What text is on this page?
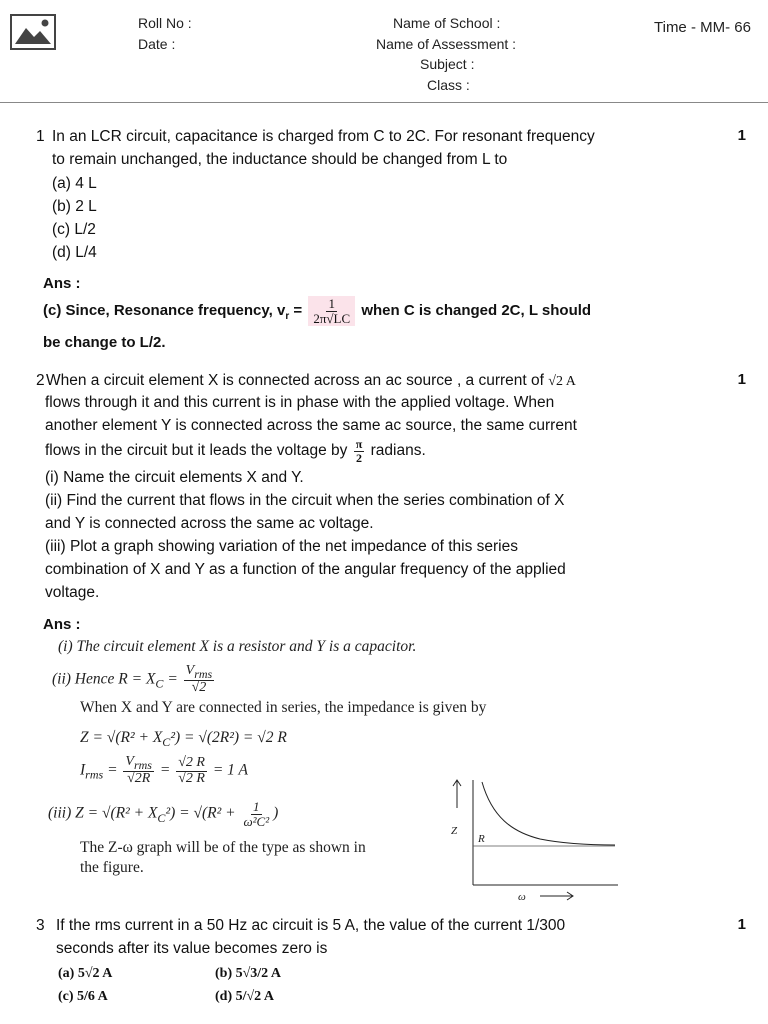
Roll No :
Date :
Name of School :
Name of Assessment :
Subject :
Class :
Time - MM- 66
1 In an LCR circuit, capacitance is charged from C to 2C. For resonant frequency
to remain unchanged, the inductance should be changed from L to
(a) 4 L
(b) 2 L
(c) L/2
(d) L/4
1
Ans :
(c) Since, Resonance frequency, $v_r = \frac{1}{2\pi√LC}$ when C is changed 2C, L should
be change to L/2.
2 When a circuit element X is connected across an ac source , a current of √2 A
flows through it and this current is in phase with the applied voltage. When
another element Y is connected across the same ac source, the same current
flows in the circuit but it leads the voltage by $\frac{\pi}{2}$ radians.
(i) Name the circuit elements X and Y.
(ii) Find the current that flows in the circuit when the series combination of X
and Y is connected across the same ac voltage.
(iii) Plot a graph showing variation of the net impedance of this series
combination of X and Y as a function of the angular frequency of the applied
voltage.
1
Ans :
(i) The circuit element X is a resistor and Y is a capacitor.
(ii) Hence $R = X_C = \frac{V_{rms}}{√2}$
When X and Y are connected in series, the impedance is given by
$Z = √(R^2 + X_C^2) = √(2R^2) = √2$ R
$I_{rms} = \frac{V_{rms}}{√2R} = \frac{√2 R}{√2 R} = 1$ A
(iii) $Z = √(R^2 + X_C^2) = √(R^2 + \frac{1}{\text{ω²C²}}$ )
The Z-ω graph will be of the type as shown in
the figure.
Z
R
ω
3 If the rms current in a 50 Hz ac circuit is 5 A, the value of the current 1/300
seconds after its value becomes zero is
1
(a) 5√2 A	(b) 5√3/2 A
(c) 5/6 A	(d) 5/√2 A
